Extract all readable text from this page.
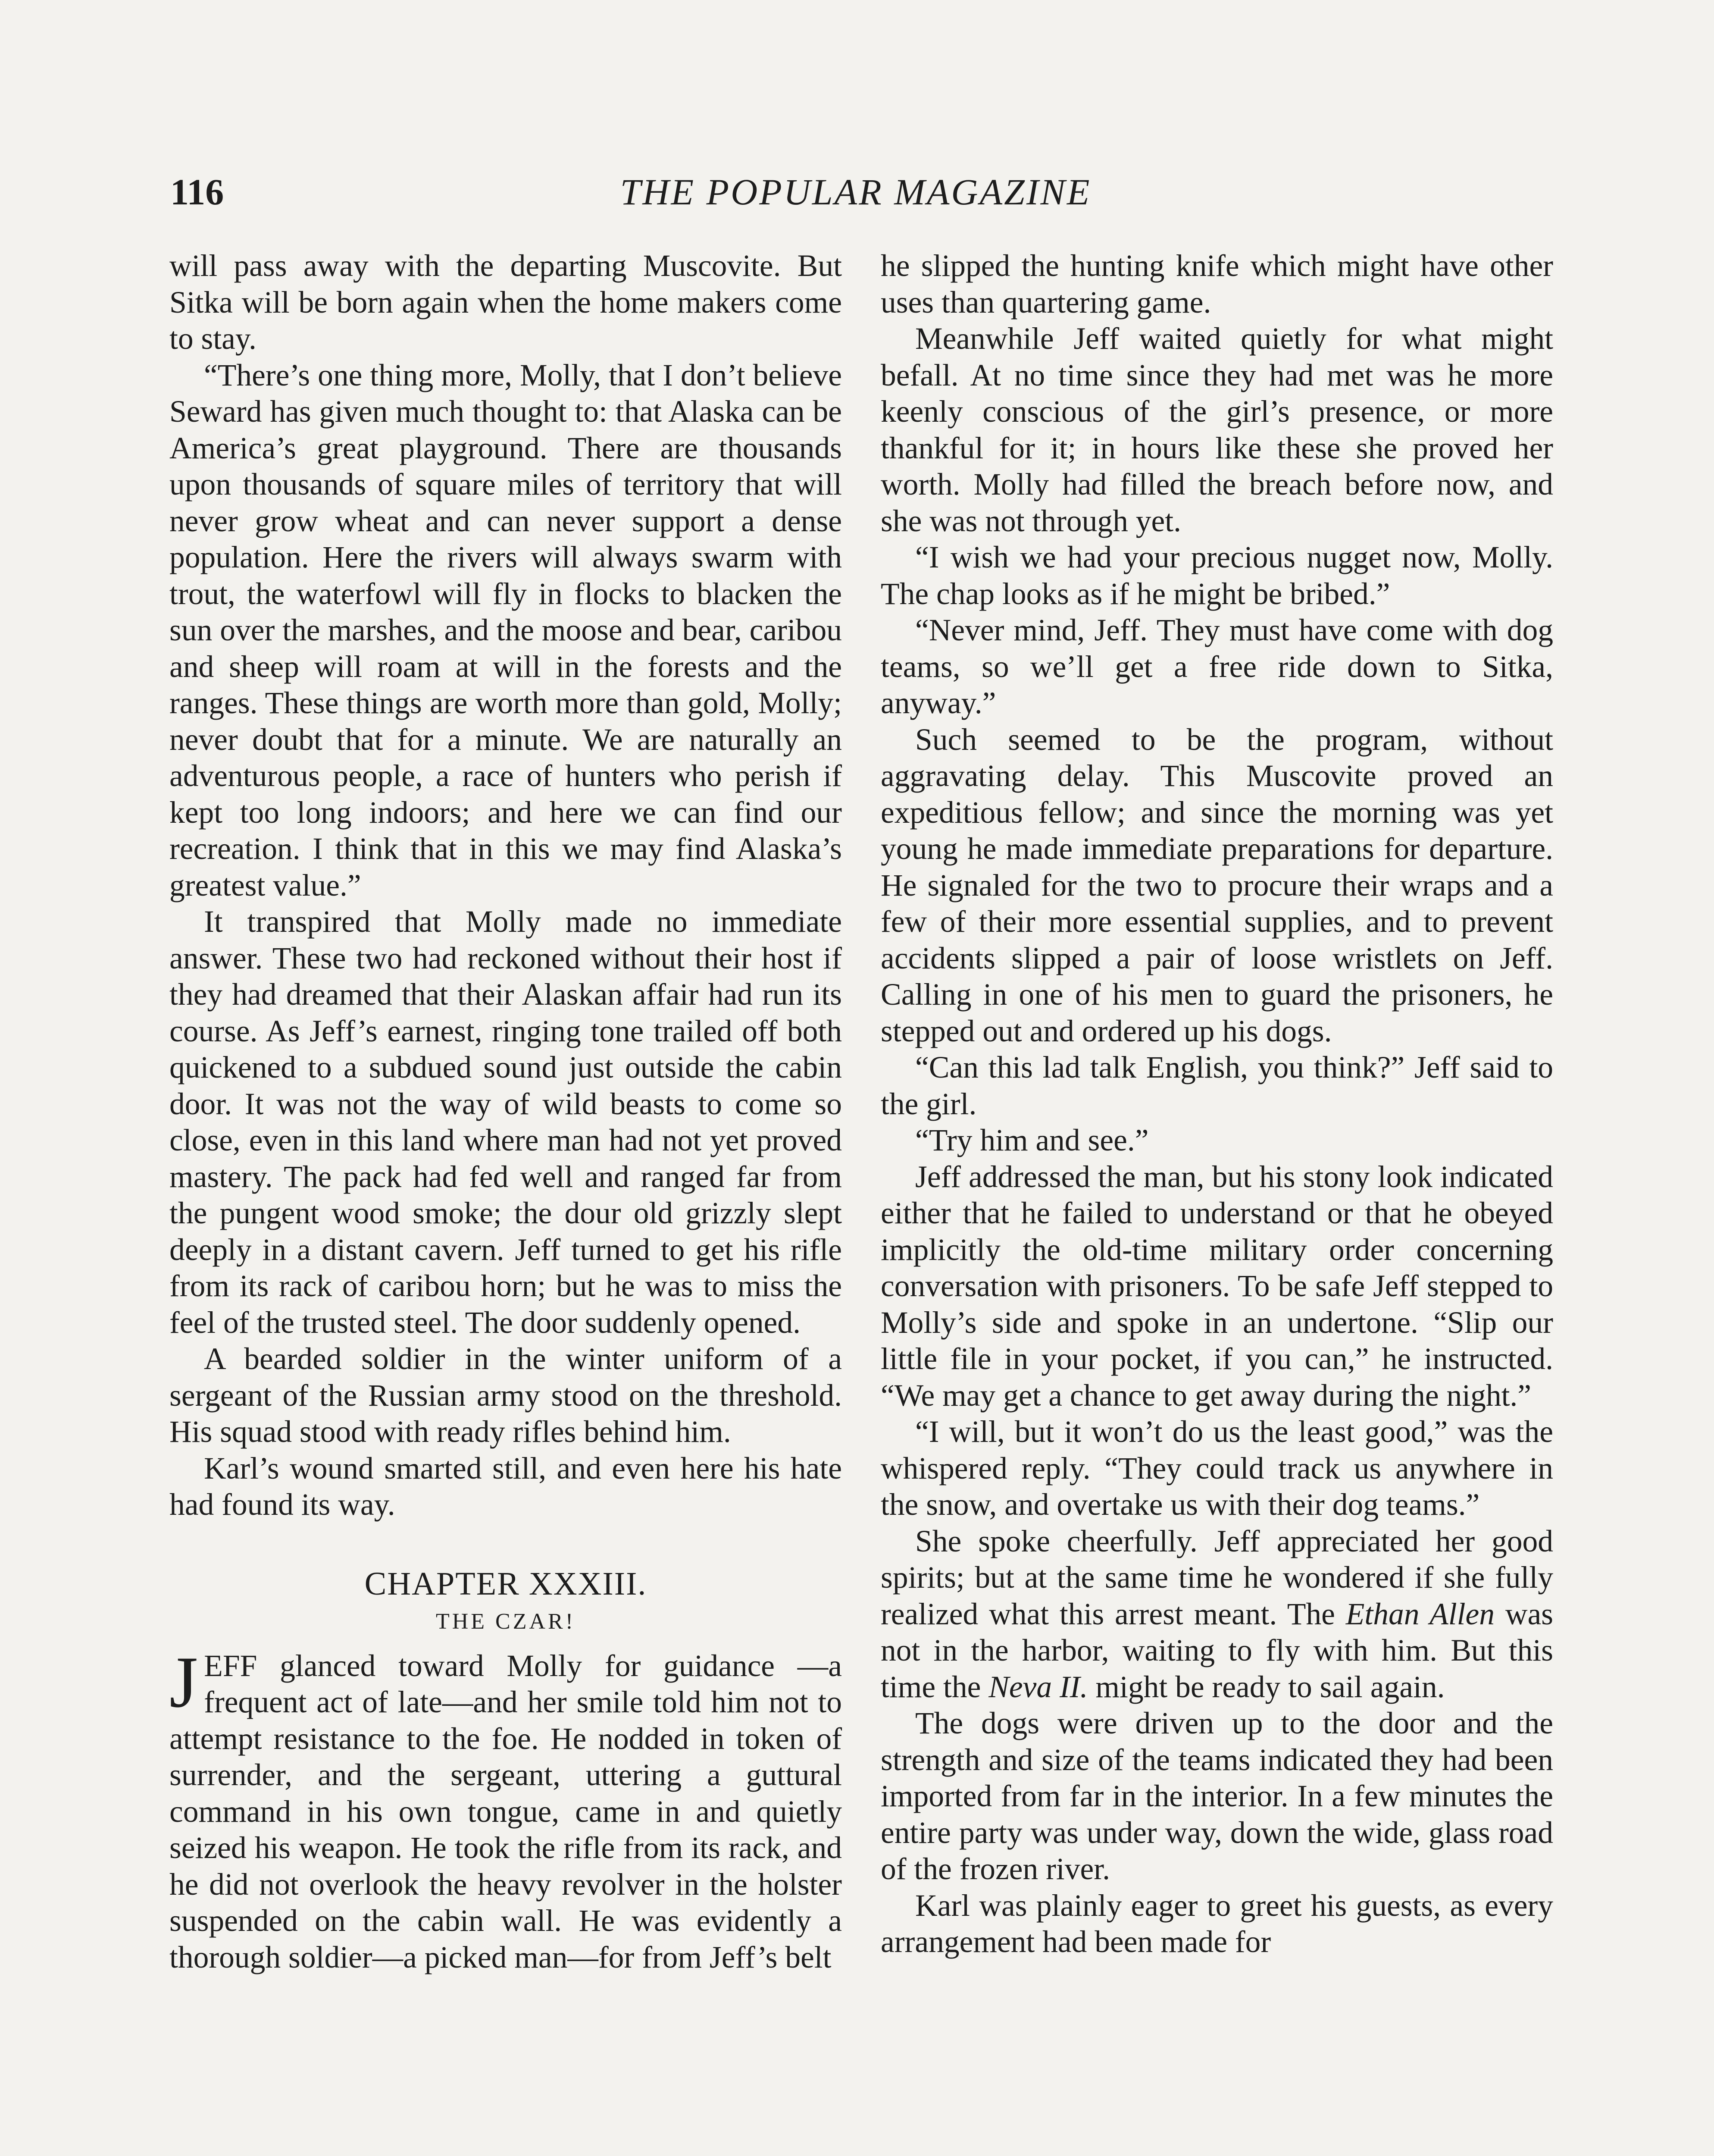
116	THE POPULAR MAGAZINE

will pass away with the departing Muscovite. But Sitka will be born again when the home makers come to stay.

“There’s one thing more, Molly, that I don’t believe Seward has given much thought to: that Alaska can be America’s great playground. There are thousands upon thousands of square miles of territory that will never grow wheat and can never support a dense population. Here the rivers will always swarm with trout, the waterfowl will fly in flocks to blacken the sun over the marshes, and the moose and bear, caribou and sheep will roam at will in the forests and the ranges. These things are worth more than gold, Molly; never doubt that for a minute. We are naturally an adventurous people, a race of hunters who perish if kept too long indoors; and here we can find our recreation. I think that in this we may find Alaska’s greatest value.”

It transpired that Molly made no immediate answer. These two had reckoned without their host if they had dreamed that their Alaskan affair had run its course. As Jeff’s earnest, ringing tone trailed off both quickened to a subdued sound just outside the cabin door. It was not the way of wild beasts to come so close, even in this land where man had not yet proved mastery. The pack had fed well and ranged far from the pungent wood smoke; the dour old grizzly slept deeply in a distant cavern. Jeff turned to get his rifle from its rack of caribou horn; but he was to miss the feel of the trusted steel. The door suddenly opened.

A bearded soldier in the winter uniform of a sergeant of the Russian army stood on the threshold. His squad stood with ready rifles behind him.

Karl’s wound smarted still, and even here his hate had found its way.

CHAPTER XXXIII.
THE CZAR!

JEFF glanced toward Molly for guidance —a frequent act of late—and her smile told him not to attempt resistance to the foe. He nodded in token of surrender, and the sergeant, uttering a guttural command in his own tongue, came in and quietly seized his weapon. He took the rifle from its rack, and he did not overlook the heavy revolver in the holster suspended on the cabin wall. He was evidently a thorough soldier—a picked man—for from Jeff’s belt

he slipped the hunting knife which might have other uses than quartering game.

Meanwhile Jeff waited quietly for what might befall. At no time since they had met was he more keenly conscious of the girl’s presence, or more thankful for it; in hours like these she proved her worth. Molly had filled the breach before now, and she was not through yet.

“I wish we had your precious nugget now, Molly. The chap looks as if he might be bribed.”

“Never mind, Jeff. They must have come with dog teams, so we’ll get a free ride down to Sitka, anyway.”

Such seemed to be the program, without aggravating delay. This Muscovite proved an expeditious fellow; and since the morning was yet young he made immediate preparations for departure. He signaled for the two to procure their wraps and a few of their more essential supplies, and to prevent accidents slipped a pair of loose wristlets on Jeff. Calling in one of his men to guard the prisoners, he stepped out and ordered up his dogs.

“Can this lad talk English, you think?” Jeff said to the girl.

“Try him and see.”

Jeff addressed the man, but his stony look indicated either that he failed to understand or that he obeyed implicitly the old-time military order concerning conversation with prisoners. To be safe Jeff stepped to Molly’s side and spoke in an undertone. “Slip our little file in your pocket, if you can,” he instructed. “We may get a chance to get away during the night.”

“I will, but it won’t do us the least good,” was the whispered reply. “They could track us anywhere in the snow, and overtake us with their dog teams.”

She spoke cheerfully. Jeff appreciated her good spirits; but at the same time he wondered if she fully realized what this arrest meant. The Ethan Allen was not in the harbor, waiting to fly with him. But this time the Neva II. might be ready to sail again.

The dogs were driven up to the door and the strength and size of the teams indicated they had been imported from far in the interior. In a few minutes the entire party was under way, down the wide, glass road of the frozen river.

Karl was plainly eager to greet his guests, as every arrangement had been made for
